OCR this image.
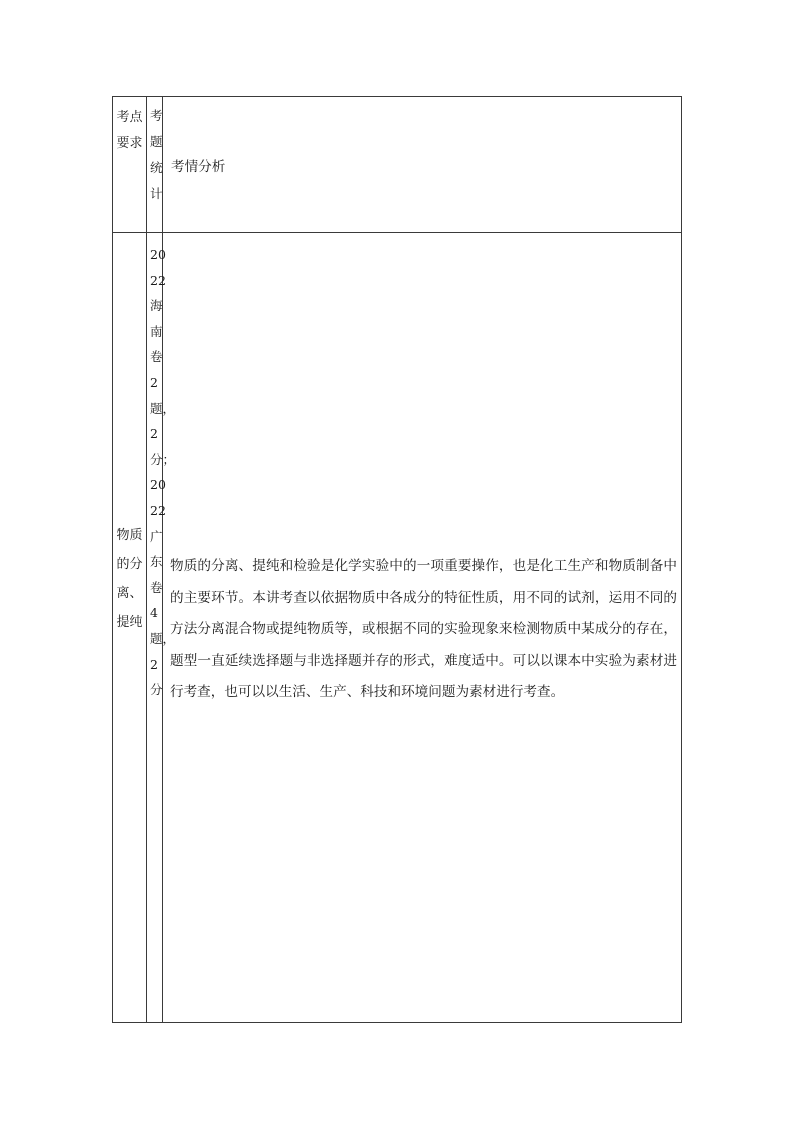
考点要求
考题统计
考情分析
物质的分离、提纯
2022海南卷2题，2分；2022广东卷4题，2分
物质的分离、提纯和检验是化学实验中的一项重要操作，也是化工生产和物质制备中的主要环节。本讲考查以依据物质中各成分的特征性质，用不同的试剂，运用不同的方法分离混合物或提纯物质等，或根据不同的实验现象来检测物质中某成分的存在，题型一直延续选择题与非选择题并存的形式，难度适中。可以以课本中实验为素材进行考查，也可以以生活、生产、科技和环境问题为素材进行考查。
